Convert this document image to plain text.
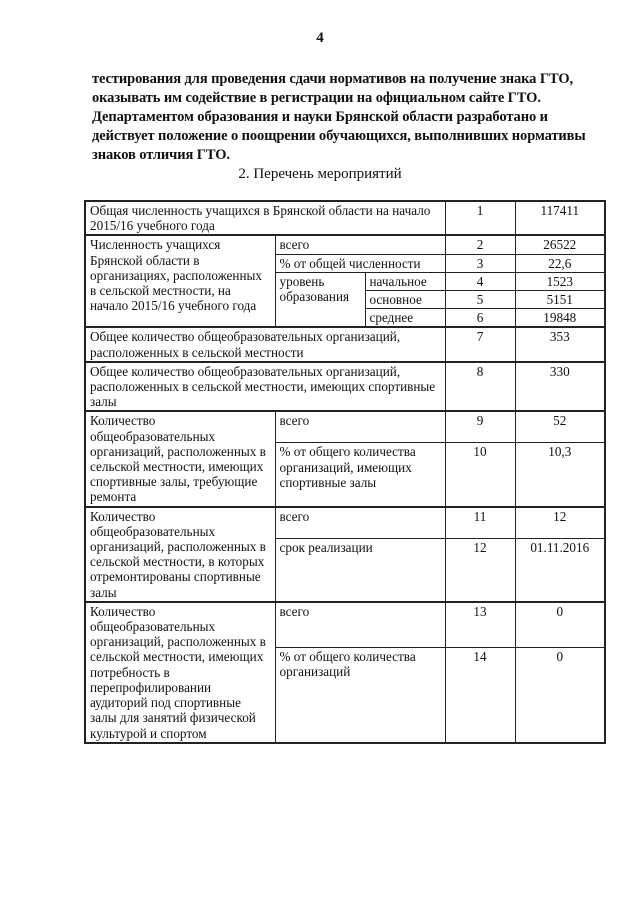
4
тестирования для проведения сдачи нормативов на получение знака ГТО,
оказывать им содействие в регистрации на официальном сайте ГТО.
Департаментом образования и науки Брянской области разработано и
действует положение о поощрении обучающихся, выполнивших нормативы
знаков отличия ГТО.
2. Перечень мероприятий
Общая численность учащихся в Брянской области на начало 2015/16 учебного года			1	117411
Численность учащихся Брянской области в организациях, расположенных в сельской местности, на начало 2015/16 учебного года	всего		2	26522
	% от общей численности		3	22,6
	уровень образования	начальное	4	1523
		основное	5	5151
		среднее	6	19848
Общее количество общеобразовательных организаций, расположенных в сельской местности			7	353
Общее количество общеобразовательных организаций, расположенных в сельской местности, имеющих спортивные залы			8	330
Количество общеобразовательных организаций, расположенных в сельской местности, имеющих спортивные залы, требующие ремонта	всего		9	52
	% от общего количества организаций, имеющих спортивные залы		10	10,3
Количество общеобразовательных организаций, расположенных в сельской местности, в которых отремонтированы спортивные залы	всего		11	12
	срок реализации		12	01.11.2016
Количество общеобразовательных организаций, расположенных в сельской местности, имеющих потребность в перепрофилировании аудиторий под спортивные залы для занятий физической культурой и спортом	всего		13	0
	% от общего количества организаций		14	0
